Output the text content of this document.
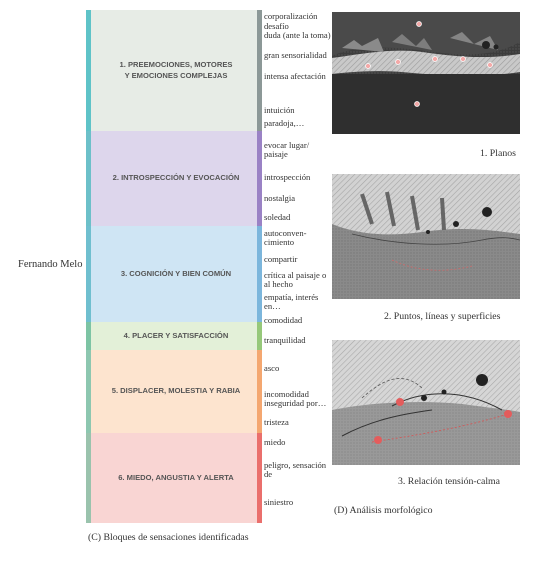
Fernando Melo
1. PREEMOCIONES, MOTORES
Y EMOCIONES COMPLEJAS
2. INTROSPECCIÓN Y EVOCACIÓN
3. COGNICIÓN Y BIEN COMÚN
4. PLACER Y SATISFACCIÓN
5. DISPLACER, MOLESTIA Y RABIA
6. MIEDO, ANGUSTIA Y ALERTA
corporalización
desafío
duda (ante la toma)
gran sensorialidad
intensa afectación
intuición
paradoja,…
evocar lugar/ paisaje
introspección
nostalgia
soledad
autoconven-cimiento
compartir
crítica al paisaje o al hecho
empatía, interés en…
comodidad
tranquilidad
asco
incomodidad
inseguridad por…
tristeza
miedo
peligro, sensación de
siniestro
(C) Bloques de sensaciones identificadas
1. Planos
2. Puntos, líneas y superficies
3. Relación tensión-calma
(D) Análisis morfológico
